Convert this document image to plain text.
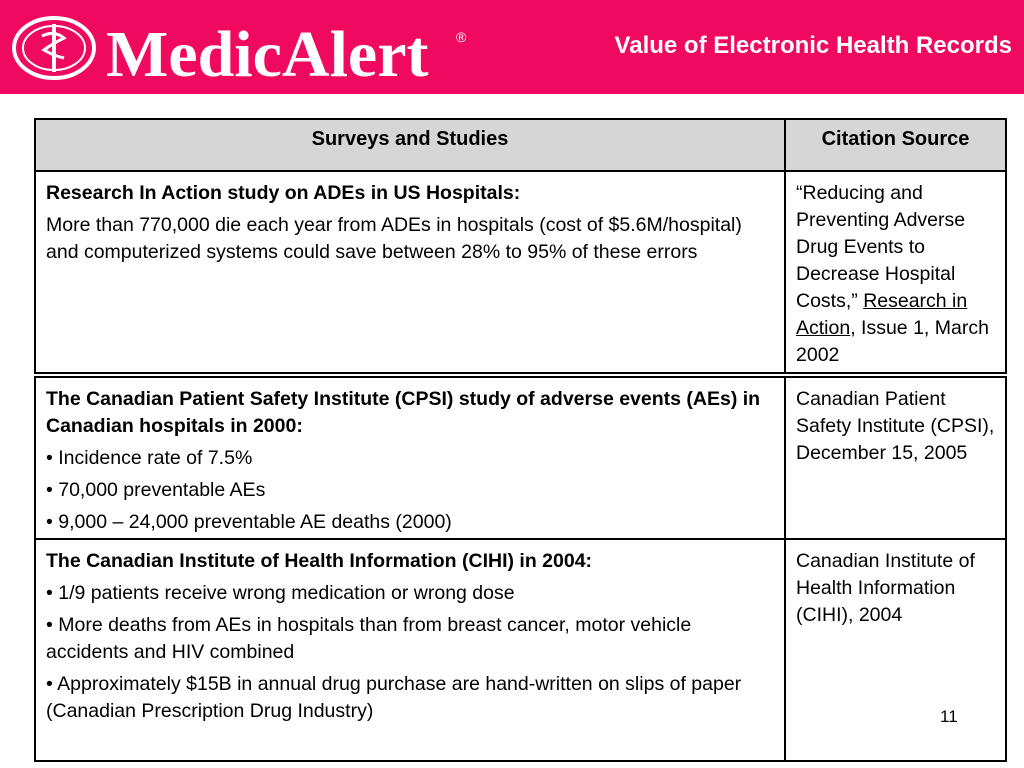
MedicAlert ®	Value of Electronic Health Records
Surveys and Studies	Citation Source
Research In Action study on ADEs in US Hospitals:
More than 770,000 die each year from ADEs in hospitals (cost of $5.6M/hospital) and computerized systems could save between 28% to 95% of these errors
“Reducing and Preventing Adverse Drug Events to Decrease Hospital Costs,” Research in Action, Issue 1, March 2002
The Canadian Patient Safety Institute (CPSI) study of adverse events (AEs) in Canadian hospitals in 2000:
• Incidence rate of 7.5%
• 70,000 preventable AEs
• 9,000 – 24,000 preventable AE deaths (2000)
Canadian Patient Safety Institute (CPSI), December 15, 2005
The Canadian Institute of Health Information (CIHI) in 2004:
• 1/9 patients receive wrong medication or wrong dose
• More deaths from AEs in hospitals than from breast cancer, motor vehicle accidents and HIV combined
• Approximately $15B in annual drug purchase are hand-written on slips of paper (Canadian Prescription Drug Industry)
Canadian Institute of Health Information (CIHI), 2004
11
